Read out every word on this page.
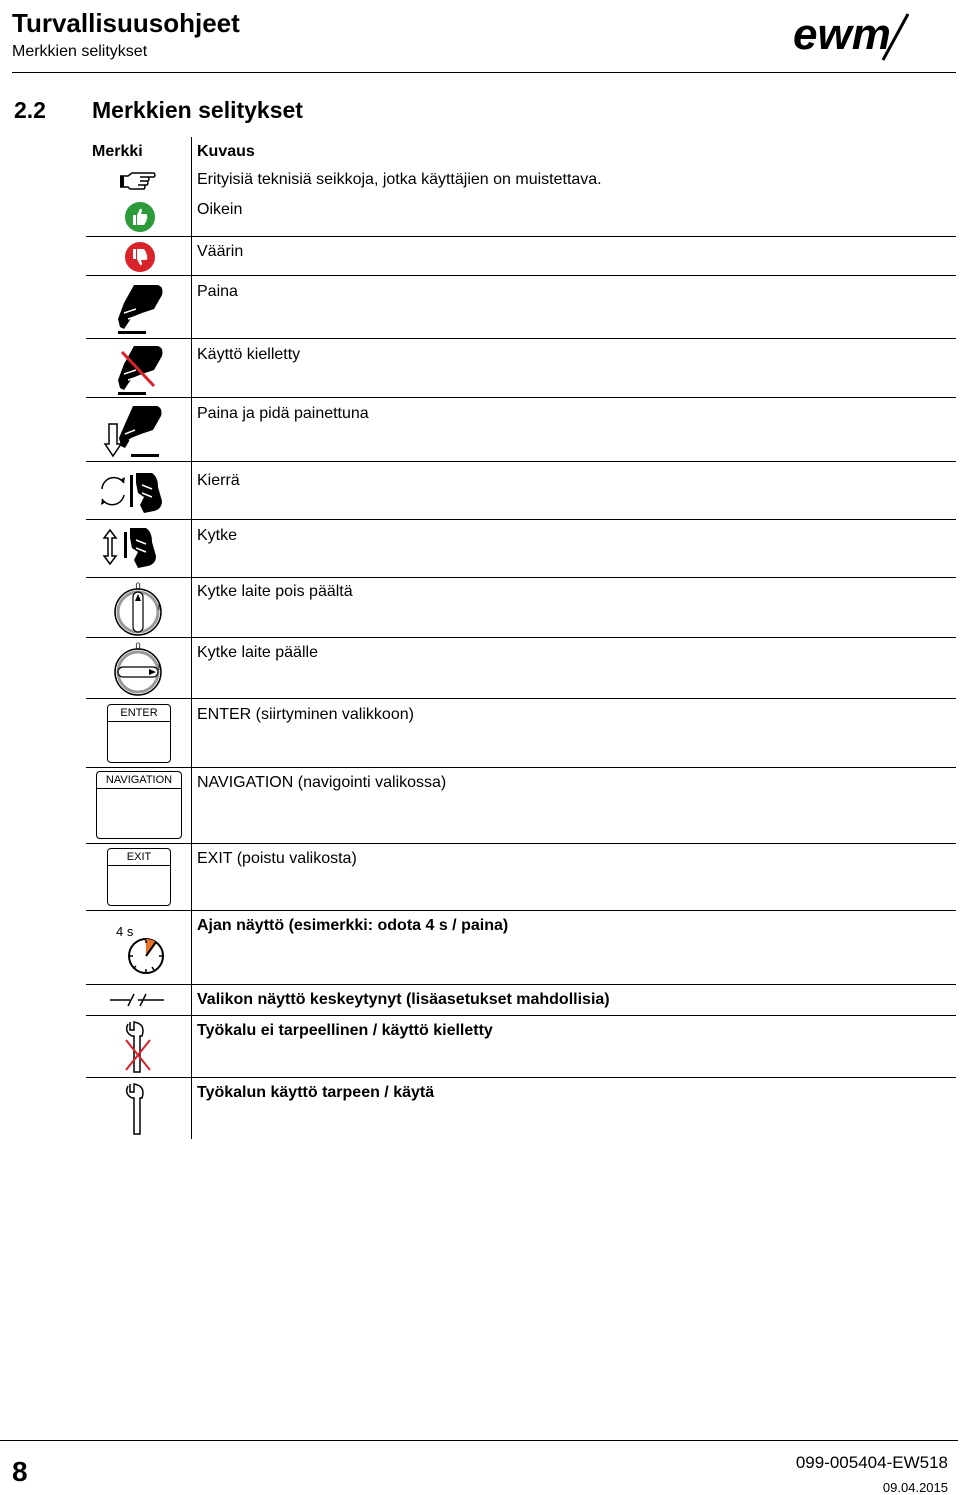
Turvallisuusohjeet
Merkkien selitykset	ewm
2.2 Merkkien selitykset
Merkki	Kuvaus
Erityisiä teknisiä seikkoja, jotka käyttäjien on muistettava.
Oikein
Väärin
Paina
Käyttö kielletty
Paina ja pidä painettuna
Kierrä
Kytke
Kytke laite pois päältä
Kytke laite päälle
ENTER (siirtyminen valikkoon)
NAVIGATION (navigointi valikossa)
EXIT (poistu valikosta)
Ajan näyttö (esimerkki: odota 4 s / paina)
Valikon näyttö keskeytynyt (lisäasetukset mahdollisia)
Työkalu ei tarpeellinen / käyttö kielletty
Työkalun käyttö tarpeen / käytä
0
I
0
I
ENTER
NAVIGATION
EXIT
4 s
8	099-005404-EW518
09.04.2015
